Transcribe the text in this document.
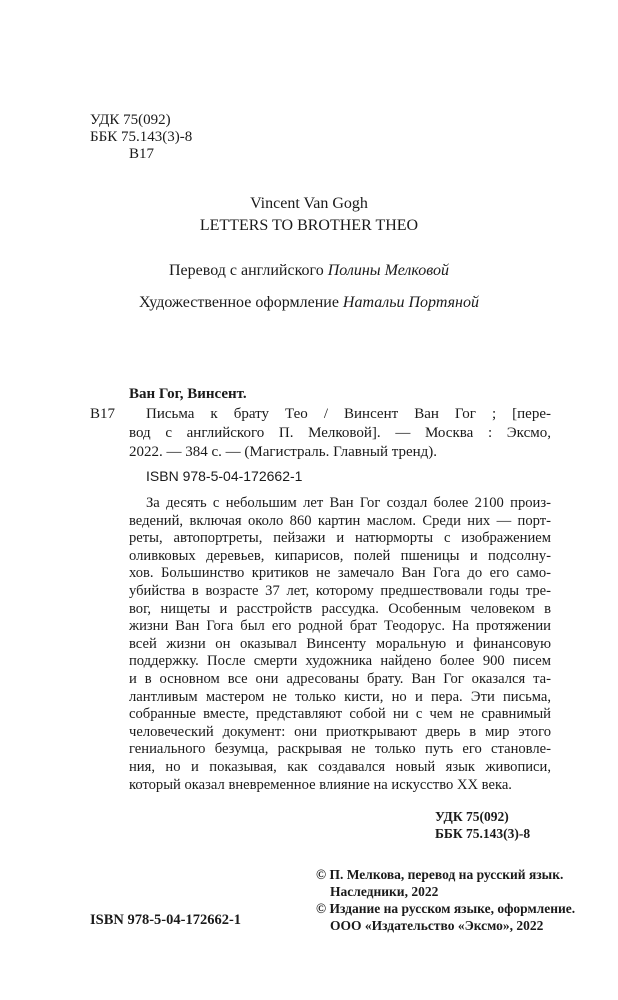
УДК 75(092)
ББК 75.143(3)-8
В17
Vincent Van Gogh
LETTERS TO BROTHER THEO
Перевод с английского Полины Мелковой
Художественное оформление Натальи Портяной
Ван Гог, Винсент.
В17 Письма к брату Тео / Винсент Ван Гог ; [пере-
вод с английского П. Мелковой]. — Москва : Эксмо,
2022. — 384 с. — (Магистраль. Главный тренд).
ISBN 978-5-04-172662-1
За десять с небольшим лет Ван Гог создал более 2100 произ-
ведений, включая около 860 картин маслом. Среди них — порт-
реты, автопортреты, пейзажи и натюрморты с изображением
оливковых деревьев, кипарисов, полей пшеницы и подсолну-
хов. Большинство критиков не замечало Ван Гога до его само-
убийства в возрасте 37 лет, которому предшествовали годы тре-
вог, нищеты и расстройств рассудка. Особенным человеком в
жизни Ван Гога был его родной брат Теодорус. На протяжении
всей жизни он оказывал Винсенту моральную и финансовую
поддержку. После смерти художника найдено более 900 писем
и в основном все они адресованы брату. Ван Гог оказался та-
лантливым мастером не только кисти, но и пера. Эти письма,
собранные вместе, представляют собой ни с чем не сравнимый
человеческий документ: они приоткрывают дверь в мир этого
гениального безумца, раскрывая не только путь его становле-
ния, но и показывая, как создавался новый язык живописи,
который оказал вневременное влияние на искусство XX века.
УДК 75(092)
ББК 75.143(3)-8
ISBN 978-5-04-172662-1
© П. Мелкова, перевод на русский язык.
Наследники, 2022
© Издание на русском языке, оформление.
ООО «Издательство «Эксмо», 2022
